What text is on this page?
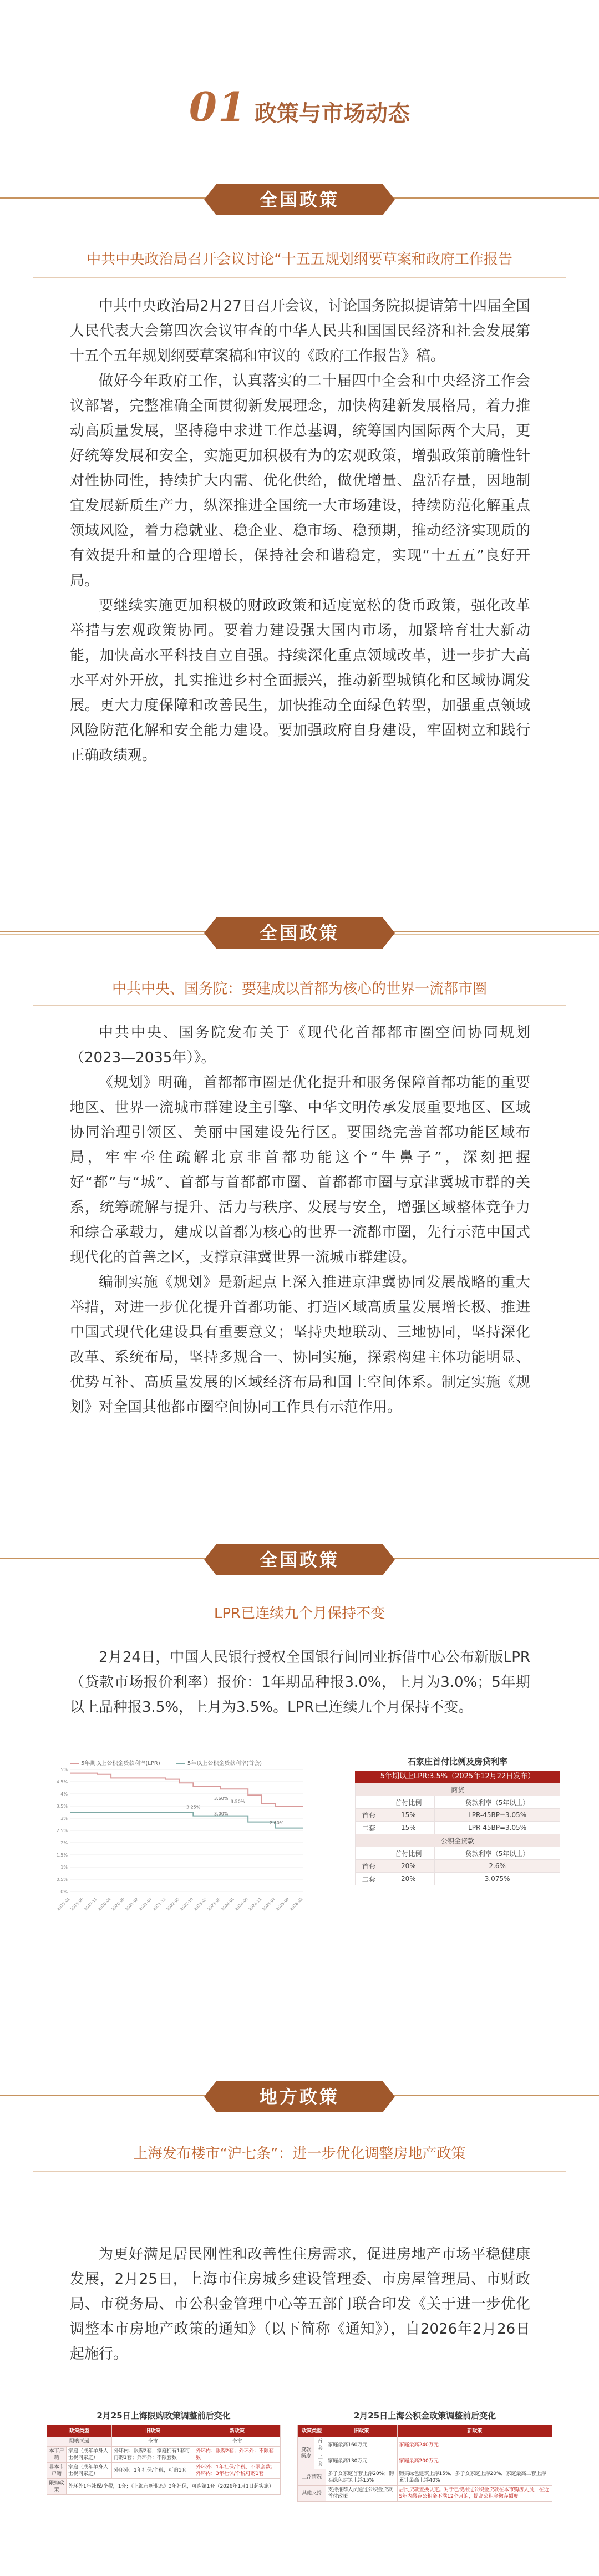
01 政策与市场动态
全国政策
中共中央政治局召开会议讨论“十五五规划纲要草案和政府工作报告

中共中央政治局2月27日召开会议，讨论国务院拟提请第十四届全国人民代表大会第四次会议审查的中华人民共和国国民经济和社会发展第十五个五年规划纲要草案稿和审议的《政府工作报告》稿。

做好今年政府工作，认真落实的二十届四中全会和中央经济工作会议部署，完整准确全面贯彻新发展理念，加快构建新发展格局，着力推动高质量发展，坚持稳中求进工作总基调，统筹国内国际两个大局，更好统筹发展和安全，实施更加积极有为的宏观政策，增强政策前瞻性针对性协同性，持续扩大内需、优化供给，做优增量、盘活存量，因地制宜发展新质生产力，纵深推进全国统一大市场建设，持续防范化解重点领域风险，着力稳就业、稳企业、稳市场、稳预期，推动经济实现质的有效提升和量的合理增长，保持社会和谐稳定，实现“十五五”良好开局。

要继续实施更加积极的财政政策和适度宽松的货币政策，强化改革举措与宏观政策协同。要着力建设强大国内市场，加紧培育壮大新动能，加快高水平科技自立自强。持续深化重点领域改革，进一步扩大高水平对外开放，扎实推进乡村全面振兴，推动新型城镇化和区域协调发展。更大力度保障和改善民生，加快推动全面绿色转型，加强重点领域风险防范化解和安全能力建设。要加强政府自身建设，牢固树立和践行正确政绩观。

全国政策
中共中央、国务院：要建成以首都为核心的世界一流都市圈

中共中央、国务院发布关于《现代化首都都市圈空间协同规划（2023—2035年）》。

《规划》明确，首都都市圈是优化提升和服务保障首都功能的重要地区、世界一流城市群建设主引擎、中华文明传承发展重要地区、区域协同治理引领区、美丽中国建设先行区。要围绕完善首都功能区域布局，牢牢牵住疏解北京非首都功能这个“牛鼻子”，深刻把握好“都”与“城”、首都与首都都市圈、首都都市圈与京津冀城市群的关系，统筹疏解与提升、活力与秩序、发展与安全，增强区域整体竞争力和综合承载力，建成以首都为核心的世界一流都市圈，先行示范中国式现代化的首善之区，支撑京津冀世界一流城市群建设。

编制实施《规划》是新起点上深入推进京津冀协同发展战略的重大举措，对进一步优化提升首都功能、打造区域高质量发展增长极、推进中国式现代化建设具有重要意义；坚持央地联动、三地协同，坚持深化改革、系统布局，坚持多规合一、协同实施，探索构建主体功能明显、优势互补、高质量发展的区域经济布局和国土空间体系。制定实施《规划》对全国其他都市圈空间协同工作具有示范作用。

全国政策
LPR已连续九个月保持不变

2月24日，中国人民银行授权全国银行间同业拆借中心公布新版LPR（贷款市场报价利率）报价：1年期品种报3.0%，上月为3.0%；5年期以上品种报3.5%，上月为3.5%。LPR已连续九个月保持不变。

5年期以上公积金贷款利率(LPR)	5年以上公积金贷款利率(首套)
0%
0.5%
1%
1.5%
2%
2.5%
3%
3.5%
4%
4.5%
5%
2019-01
2019-06
2019-11
2020-04
2020-09
2021-02
2021-07
2021-12
2022-05
2022-10
2023-03
2023-08
2024-01
2024-06
2024-11
2025-04
2025-09
2026-02
3.60%
3.50%
3.25%
3.00%
2.60%
石家庄首付比例及房贷利率
5年期以上LPR:3.5%（2025年12月22日发布）
商贷		
	首付比例	贷款利率（5年以上）
首套	15%	LPR-45BP=3.05%
二套	15%	LPR-45BP=3.05%
公积金贷款		
	首付比例	贷款利率（5年以上）
首套	20%	2.6%
二套	20%	3.075%
地方政策
上海发布楼市“沪七条”：进一步优化调整房地产政策

为更好满足居民刚性和改善性住房需求，促进房地产市场平稳健康发展，2月25日，上海市住房城乡建设管理委、市房屋管理局、市财政局、市税务局、市公积金管理中心等五部门联合印发《关于进一步优化调整本市房地产政策的通知》（以下简称《通知》），自2026年2月26日起施行。

2月25日上海限购政策调整前后变化
政策类型		旧政策	新政策
限购区域		全市	全市
本市户籍	家庭（成年单身人士视同家庭）	外环内：限购2套，家庭拥有1套可再购1套；外环外：不限套数	外环内：限购2套；外环外：不限套数
非本市户籍	家庭（成年单身人士视同家庭）	外环外：1年社保/个税，可购1套	外环外：1年社保/个税，不限套数；外环内：3年社保/个税可购1套
限购政策	外环外1年社保/个税，1套；《上海市新业态》3年社保，可购第1套（2026年1月1日起实施）		
2月25日上海公积金政策调整前后变化
政策类型		旧政策	新政策
贷款额度	首套	家庭最高160万元	家庭最高240万元
	二套	家庭最高130万元	家庭最高200万元
上浮情况		多子女家庭首套上浮20%；购买绿色建筑上浮15%	购买绿色建筑上浮15%，多子女家庭上浮20%，家庭最高二套上浮累计最高上浮40%
其他支持		支持推荐人员通过公积金贷款首付政策	居民贷款置换认定。对于已使用过公积金贷款在本市购房人员，在近5年内缴存公积金不满12个月的，提高公积金缴存额度
